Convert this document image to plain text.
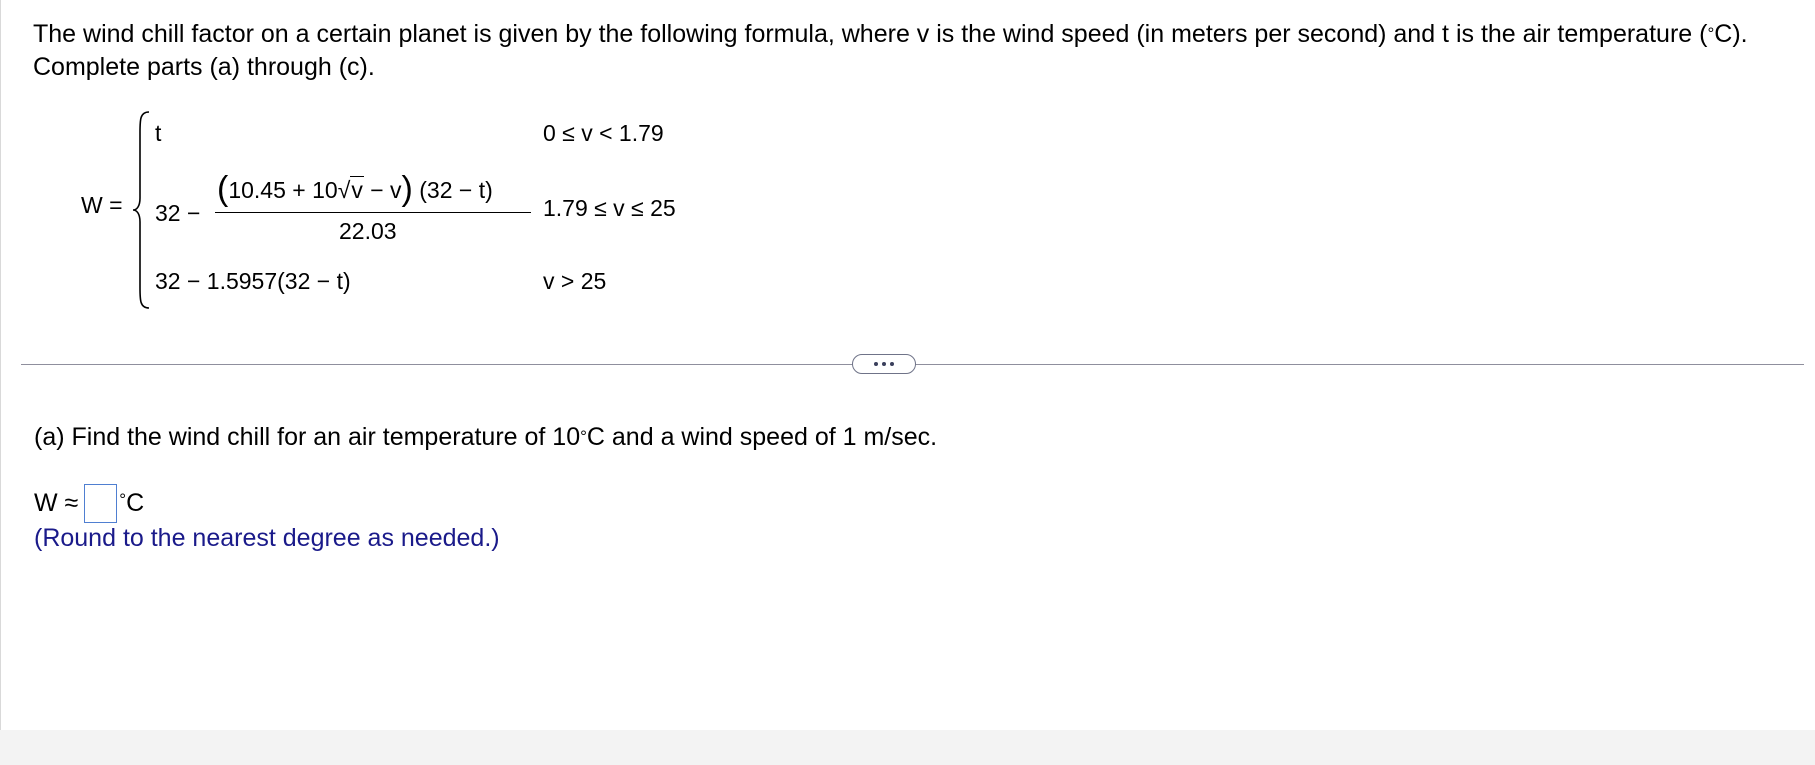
The wind chill factor on a certain planet is given by the following formula, where v is the wind speed (in meters per second) and t is the air temperature (°C). Complete parts (a) through (c).

W =
t	0 ≤ v < 1.79
32 −
(10.45 + 10√v − v) (32 − t)
22.03
1.79 ≤ v ≤ 25
32 − 1.5957(32 − t)	v > 25

(a) Find the wind chill for an air temperature of 10°C and a wind speed of 1 m/sec.

W ≈ ° C
(Round to the nearest degree as needed.)
